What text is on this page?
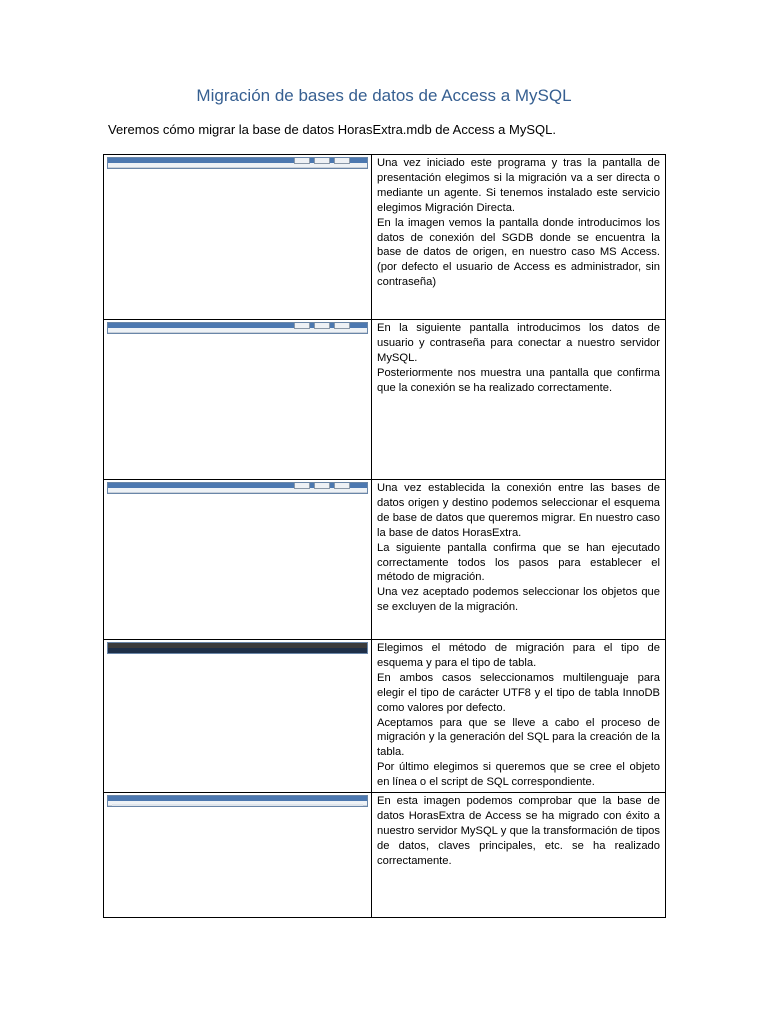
Migración de bases de datos de Access a MySQL
Veremos cómo migrar la base de datos HorasExtra.mdb de Access a MySQL.

	Una vez iniciado este programa y tras la pantalla de presentación elegimos si la migración va a ser directa o mediante un agente. Si tenemos instalado este servicio elegimos Migración Directa.

En la imagen vemos la pantalla donde introducimos los datos de conexión del SGDB donde se encuentra la base de datos de origen, en nuestro caso MS Access. (por defecto el usuario de Access es administrador, sin contraseña)

	En la siguiente pantalla introducimos los datos de usuario y contraseña para conectar a nuestro servidor MySQL.

Posteriormente nos muestra una pantalla que confirma que la conexión se ha realizado correctamente.

	Una vez establecida la conexión entre las bases de datos origen y destino podemos seleccionar el esquema de base de datos que queremos migrar. En nuestro caso la base de datos HorasExtra.

La siguiente pantalla confirma que se han ejecutado correctamente todos los pasos para establecer el método de migración.

Una vez aceptado podemos seleccionar los objetos que se excluyen de la migración.

	Elegimos el método de migración para el tipo de esquema y para el tipo de tabla.

En ambos casos seleccionamos multilenguaje para elegir el tipo de carácter UTF8 y el tipo de tabla InnoDB como valores por defecto.

Aceptamos para que se lleve a cabo el proceso de migración y la generación del SQL para la creación de la tabla.

Por último elegimos si queremos que se cree el objeto en línea o el script de SQL correspondiente.

	En esta imagen podemos comprobar que la base de datos HorasExtra de Access se ha migrado con éxito a nuestro servidor MySQL y que la transformación de tipos de datos, claves principales, etc. se ha realizado correctamente.
